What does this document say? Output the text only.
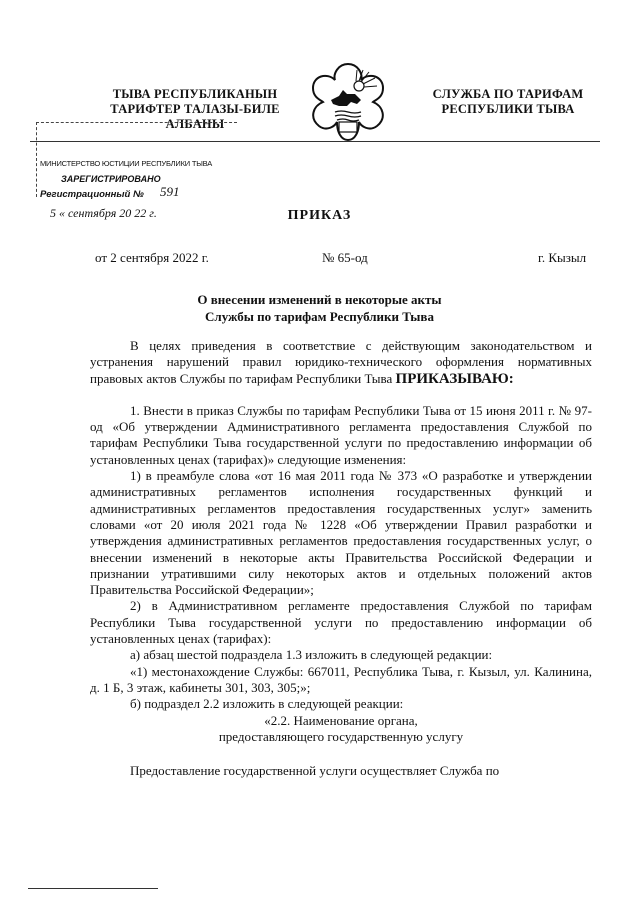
ТЫВА РЕСПУБЛИКАНЫН
ТАРИФТЕР ТАЛАЗЫ-БИЛЕ
АЛБАНЫ
СЛУЖБА ПО ТАРИФАМ
РЕСПУБЛИКИ ТЫВА
МИНИСТЕРСТВО ЮСТИЦИИ РЕСПУБЛИКИ ТЫВА
ЗАРЕГИСТРИРОВАНО
Регистрационный № 591
5 « сентября 20 22 г.	ПРИКАЗ
от 2 сентября 2022 г.	№ 65-од	г. Кызыл
О внесении изменений в некоторые акты
Службы по тарифам Республики Тыва

В целях приведения в соответствие с действующим законодательством и устранения нарушений правил юридико-технического оформления нормативных правовых актов Службы по тарифам Республики Тыва ПРИКАЗЫВАЮ:

1. Внести в приказ Службы по тарифам Республики Тыва от 15 июня 2011 г. № 97-од «Об утверждении Административного регламента предоставления Службой по тарифам Республики Тыва государственной услуги по предоставлению информации об установленных ценах (тарифах)» следующие изменения:

1) в преамбуле слова «от 16 мая 2011 года № 373 «О разработке и утверждении административных регламентов исполнения государственных функций и административных регламентов предоставления государственных услуг» заменить словами «от 20 июля 2021 года № 1228 «Об утверждении Правил разработки и утверждения административных регламентов предоставления государственных услуг, о внесении изменений в некоторые акты Правительства Российской Федерации и признании утратившими силу некоторых актов и отдельных положений актов Правительства Российской Федерации»;

2) в Административном регламенте предоставления Службой по тарифам Республики Тыва государственной услуги по предоставлению информации об установленных ценах (тарифах):

а) абзац шестой подраздела 1.3 изложить в следующей редакции:

«1) местонахождение Службы: 667011, Республика Тыва, г. Кызыл, ул. Калинина, д. 1 Б, 3 этаж, кабинеты 301, 303, 305;»;

б) подраздел 2.2 изложить в следующей реакции:

«2.2. Наименование органа,

предоставляющего государственную услугу

Предоставление государственной услуги осуществляет Служба по
